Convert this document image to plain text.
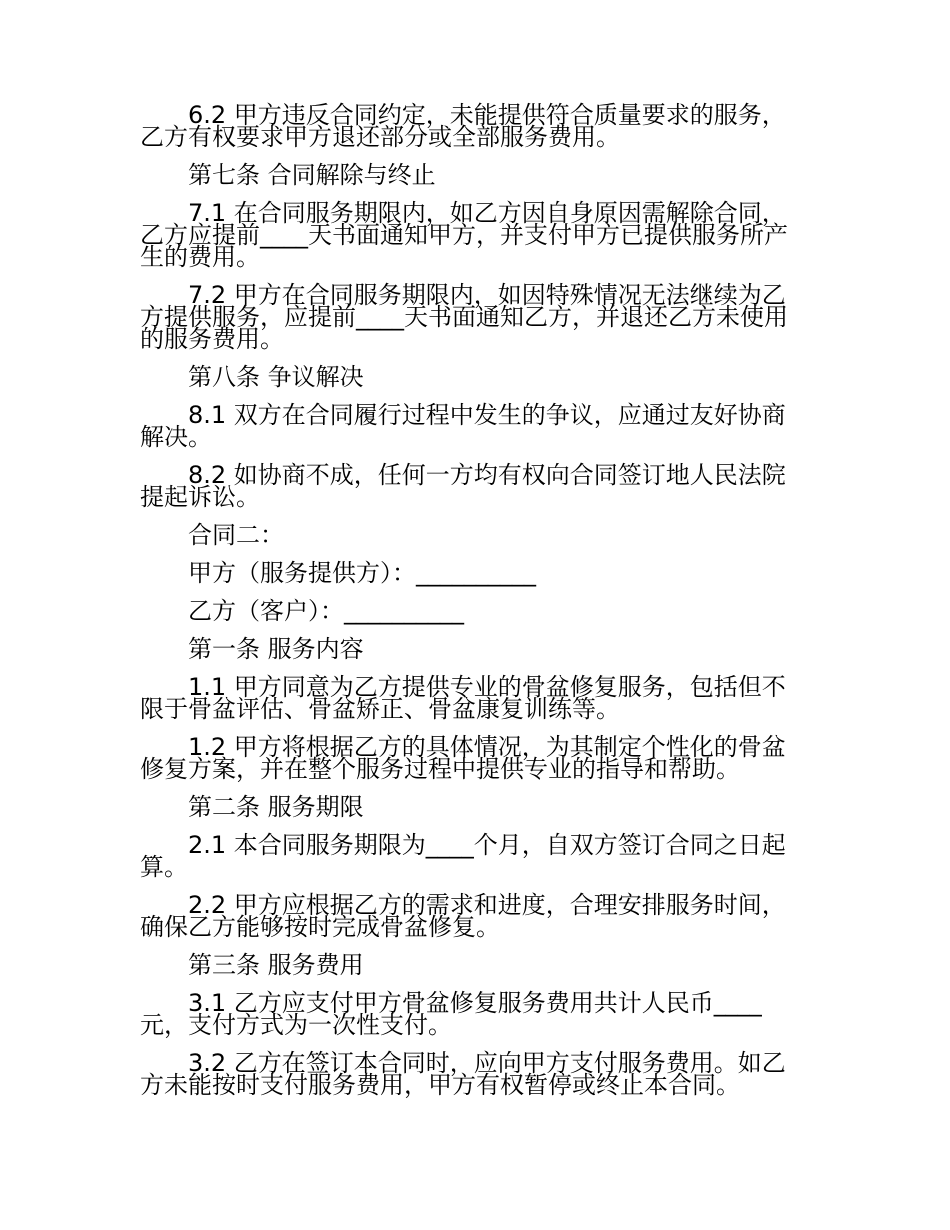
6.2 甲方违反合同约定，未能提供符合质量要求的服务，乙方有权要求甲方退还部分或全部服务费用。

第七条 合同解除与终止

7.1 在合同服务期限内，如乙方因自身原因需解除合同，乙方应提前____天书面通知甲方，并支付甲方已提供服务所产生的费用。

7.2 甲方在合同服务期限内，如因特殊情况无法继续为乙方提供服务，应提前____天书面通知乙方，并退还乙方未使用的服务费用。

第八条 争议解决

8.1 双方在合同履行过程中发生的争议，应通过友好协商解决。

8.2 如协商不成，任何一方均有权向合同签订地人民法院提起诉讼。

合同二：

甲方（服务提供方）：__________

乙方（客户）：__________

第一条 服务内容

1.1 甲方同意为乙方提供专业的骨盆修复服务，包括但不限于骨盆评估、骨盆矫正、骨盆康复训练等。

1.2 甲方将根据乙方的具体情况，为其制定个性化的骨盆修复方案，并在整个服务过程中提供专业的指导和帮助。

第二条 服务期限

2.1 本合同服务期限为____个月，自双方签订合同之日起算。

2.2 甲方应根据乙方的需求和进度，合理安排服务时间，确保乙方能够按时完成骨盆修复。

第三条 服务费用

3.1 乙方应支付甲方骨盆修复服务费用共计人民币____元，支付方式为一次性支付。

3.2 乙方在签订本合同时，应向甲方支付服务费用。如乙方未能按时支付服务费用，甲方有权暂停或终止本合同。
